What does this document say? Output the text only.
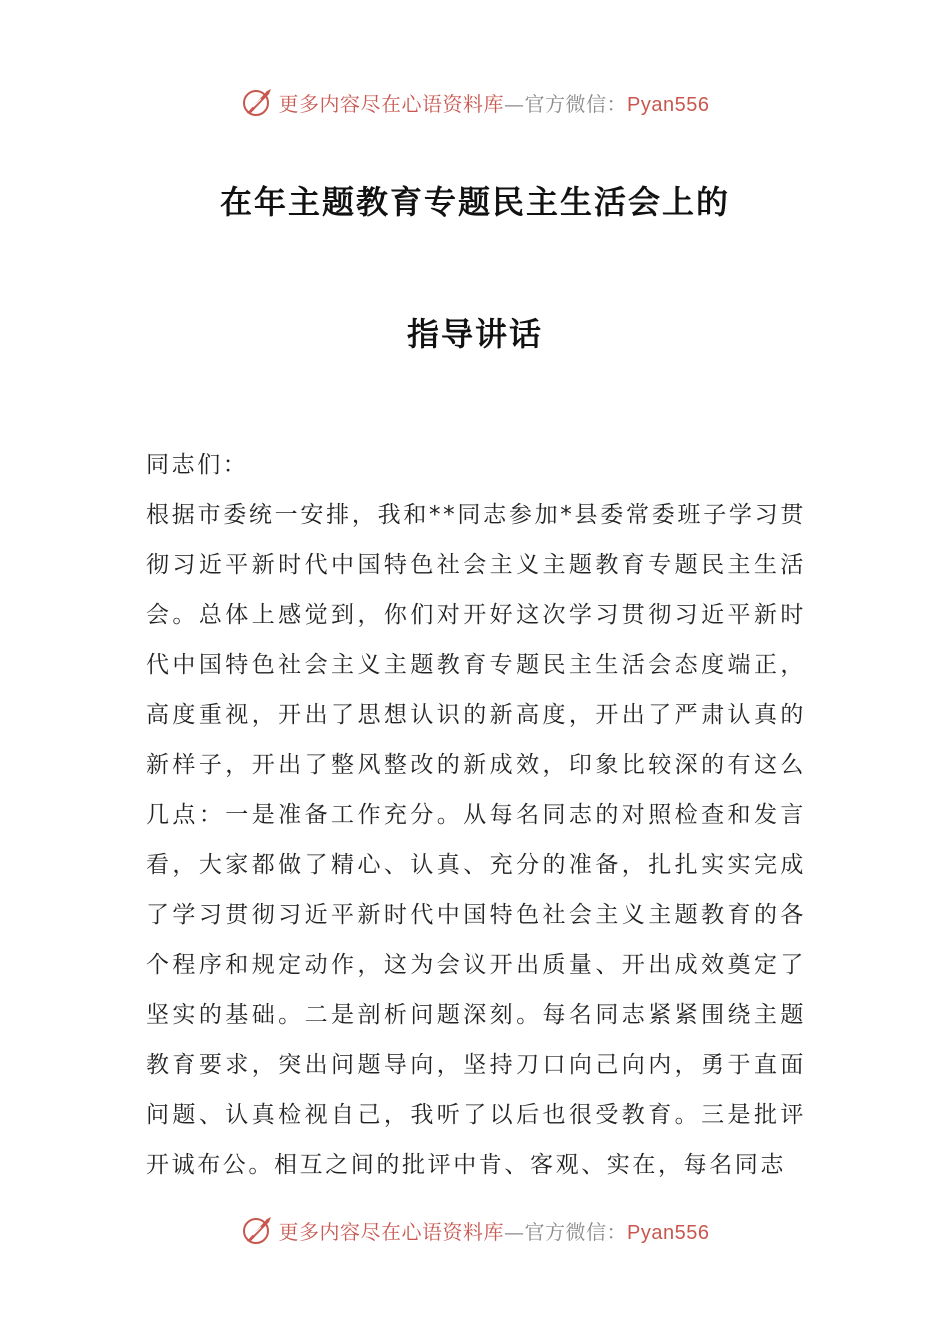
更多内容尽在心语资料库—官方微信：Pyan556
在年主题教育专题民主生活会上的
指导讲话

同志们：

根据市委统一安排，我和**同志参加*县委常委班子学习贯彻习近平新时代中国特色社会主义主题教育专题民主生活会。总体上感觉到，你们对开好这次学习贯彻习近平新时代中国特色社会主义主题教育专题民主生活会态度端正，高度重视，开出了思想认识的新高度，开出了严肃认真的新样子，开出了整风整改的新成效，印象比较深的有这么几点：一是准备工作充分。从每名同志的对照检查和发言看，大家都做了精心、认真、充分的准备，扎扎实实完成了学习贯彻习近平新时代中国特色社会主义主题教育的各个程序和规定动作，这为会议开出质量、开出成效奠定了坚实的基础。二是剖析问题深刻。每名同志紧紧围绕主题教育要求，突出问题导向，坚持刀口向己向内，勇于直面问题、认真检视自己，我听了以后也很受教育。三是批评开诚布公。相互之间的批评中肯、客观、实在，每名同志

更多内容尽在心语资料库—官方微信：Pyan556
